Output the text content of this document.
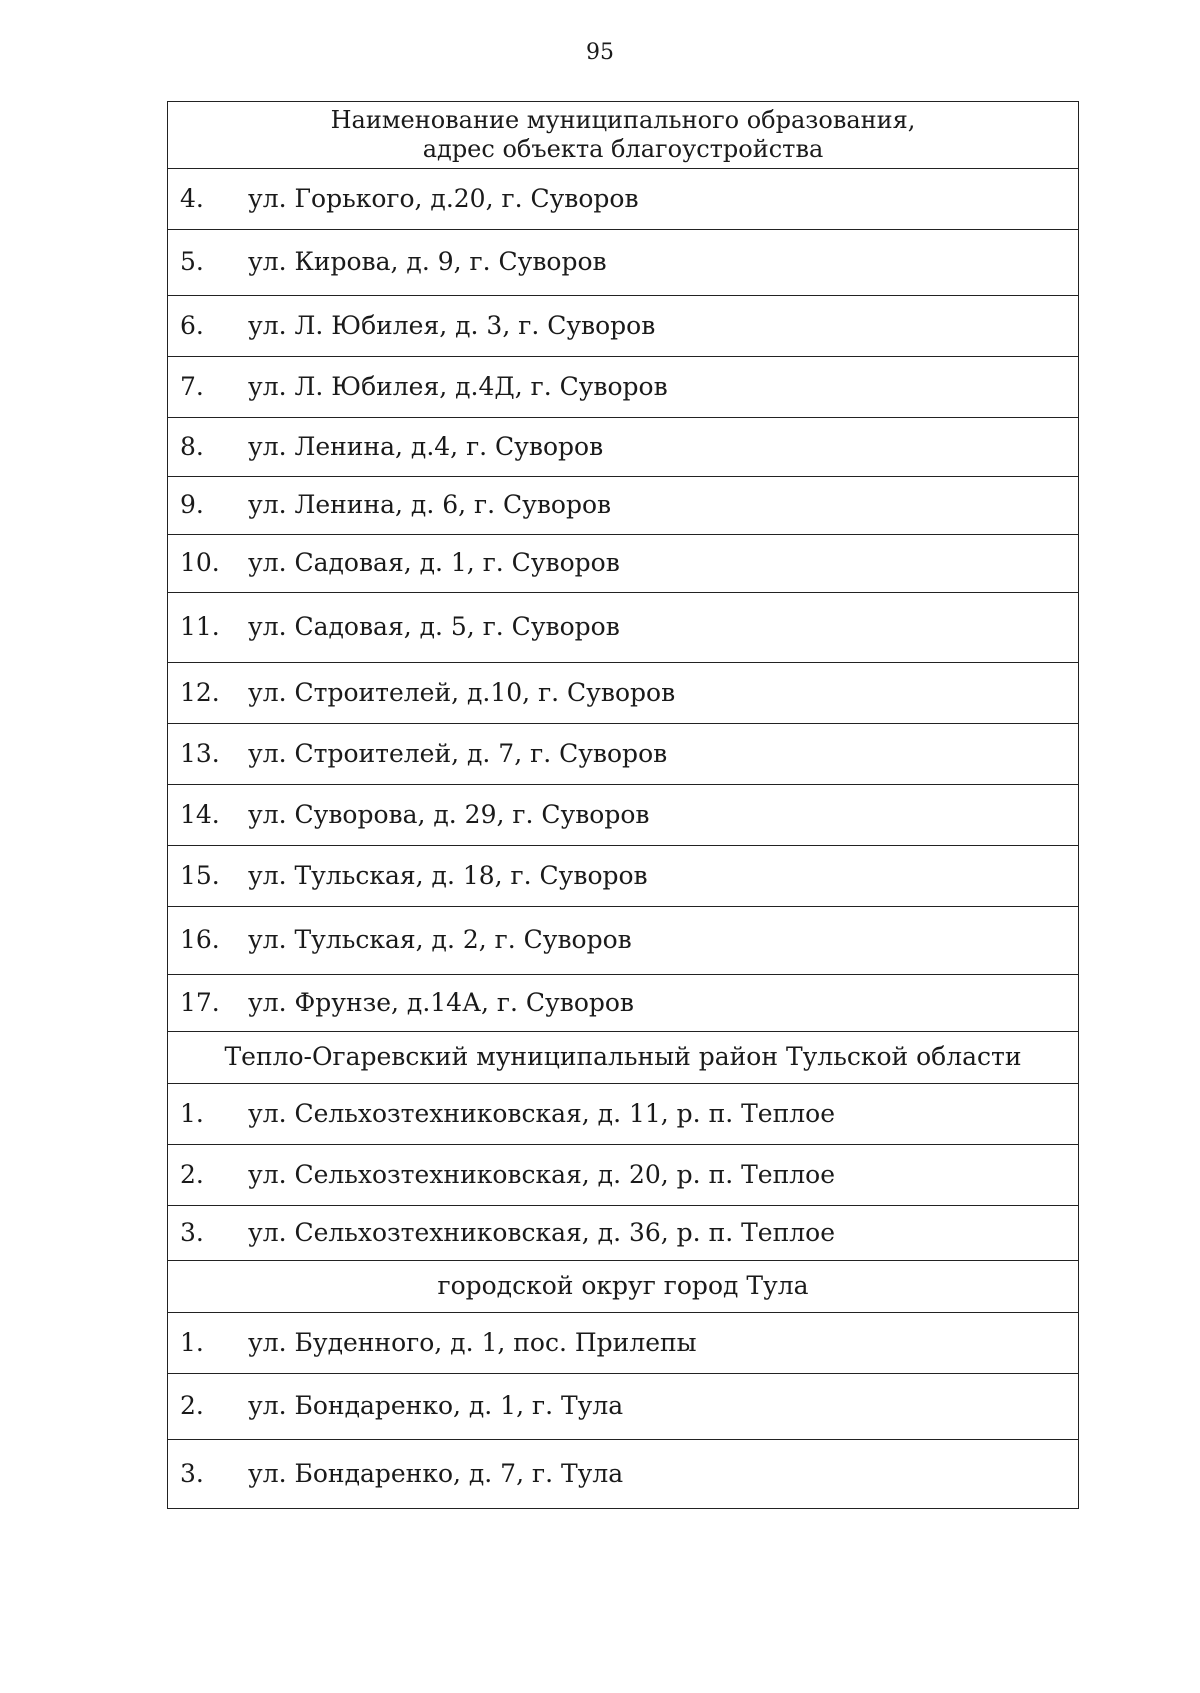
95
Наименование муниципального образования,
адрес объекта благоустройства
4.	ул. Горького, д.20, г. Суворов
5.	ул. Кирова, д. 9, г. Суворов
6.	ул. Л. Юбилея, д. 3, г. Суворов
7.	ул. Л. Юбилея, д.4Д, г. Суворов
8.	ул. Ленина, д.4, г. Суворов
9.	ул. Ленина, д. 6, г. Суворов
10.	ул. Садовая, д. 1, г. Суворов
11.	ул. Садовая, д. 5, г. Суворов
12.	ул. Строителей, д.10, г. Суворов
13.	ул. Строителей, д. 7, г. Суворов
14.	ул. Суворова, д. 29, г. Суворов
15.	ул. Тульская, д. 18, г. Суворов
16.	ул. Тульская, д. 2, г. Суворов
17.	ул. Фрунзе, д.14А, г. Суворов
Тепло-Огаревский муниципальный район Тульской области
1.	ул. Сельхозтехниковская, д. 11, р. п. Теплое
2.	ул. Сельхозтехниковская, д. 20, р. п. Теплое
3.	ул. Сельхозтехниковская, д. 36, р. п. Теплое
городской округ город Тула
1.	ул. Буденного, д. 1, пос. Прилепы
2.	ул. Бондаренко, д. 1, г. Тула
3.	ул. Бондаренко, д. 7, г. Тула
